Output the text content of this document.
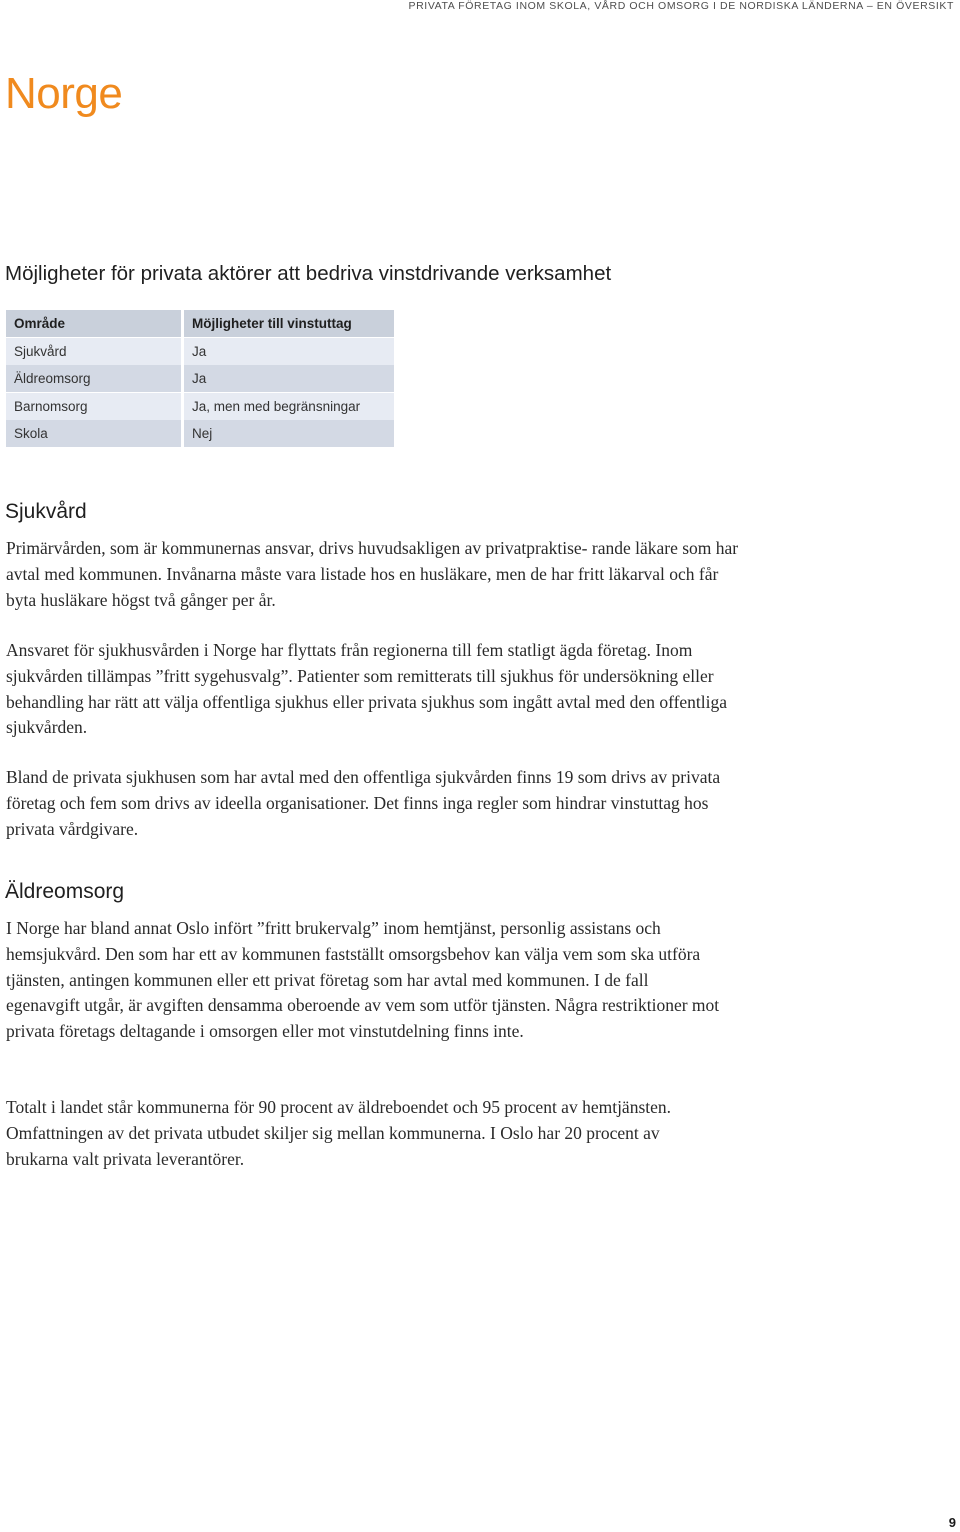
PRIVATA FÖRETAG INOM SKOLA, VÅRD OCH OMSORG I DE NORDISKA LÄNDERNA – EN ÖVERSIKT
Norge
Möjligheter för privata aktörer att bedriva vinstdrivande verksamhet
Område	Möjligheter till vinstuttag
Sjukvård	Ja
Äldreomsorg	Ja
Barnomsorg	Ja, men med begränsningar
Skola	Nej
Sjukvård

Primärvården, som är kommunernas ansvar, drivs huvudsakligen av privatpraktise- rande läkare som har avtal med kommunen. Invånarna måste vara listade hos en husläkare, men de har fritt läkarval och får byta husläkare högst två gånger per år.

Ansvaret för sjukhusvården i Norge har flyttats från regionerna till fem statligt ägda företag. Inom sjukvården tillämpas ”fritt sygehusvalg”. Patienter som remitterats till sjukhus för undersökning eller behandling har rätt att välja offentliga sjukhus eller privata sjukhus som ingått avtal med den offentliga sjukvården.

Bland de privata sjukhusen som har avtal med den offentliga sjukvården finns 19 som drivs av privata företag och fem som drivs av ideella organisationer. Det finns inga regler som hindrar vinstuttag hos privata vårdgivare.

Äldreomsorg

I Norge har bland annat Oslo infört ”fritt brukervalg” inom hemtjänst, personlig assistans och hemsjukvård. Den som har ett av kommunen fastställt omsorgsbehov kan välja vem som ska utföra tjänsten, antingen kommunen eller ett privat företag som har avtal med kommunen. I de fall egenavgift utgår, är avgiften densamma oberoende av vem som utför tjänsten. Några restriktioner mot privata företags deltagande i omsorgen eller mot vinstutdelning finns inte.

Totalt i landet står kommunerna för 90 procent av äldreboendet och 95 procent av hemtjänsten. Omfattningen av det privata utbudet skiljer sig mellan kommunerna. I Oslo har 20 procent av brukarna valt privata leverantörer.

9
